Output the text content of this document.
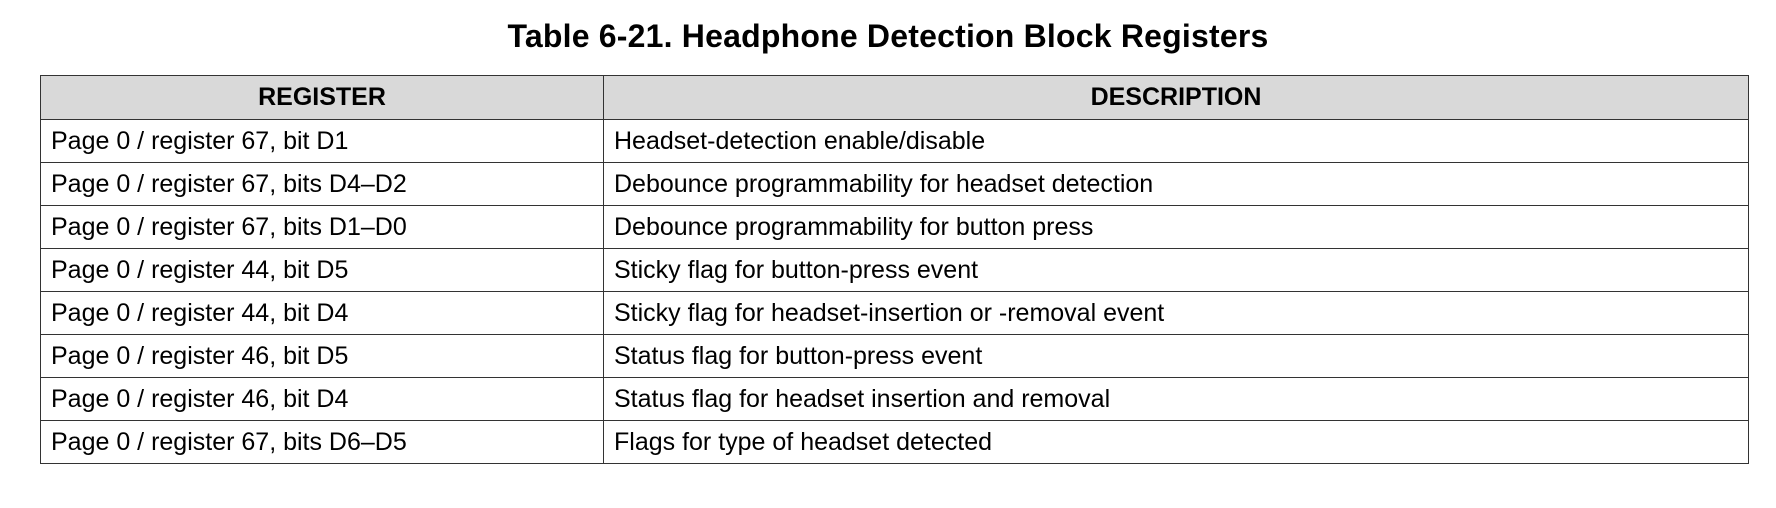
Table 6-21. Headphone Detection Block Registers
REGISTER	DESCRIPTION
Page 0 / register 67, bit D1	Headset-detection enable/disable
Page 0 / register 67, bits D4–D2	Debounce programmability for headset detection
Page 0 / register 67, bits D1–D0	Debounce programmability for button press
Page 0 / register 44, bit D5	Sticky flag for button-press event
Page 0 / register 44, bit D4	Sticky flag for headset-insertion or -removal event
Page 0 / register 46, bit D5	Status flag for button-press event
Page 0 / register 46, bit D4	Status flag for headset insertion and removal
Page 0 / register 67, bits D6–D5	Flags for type of headset detected
